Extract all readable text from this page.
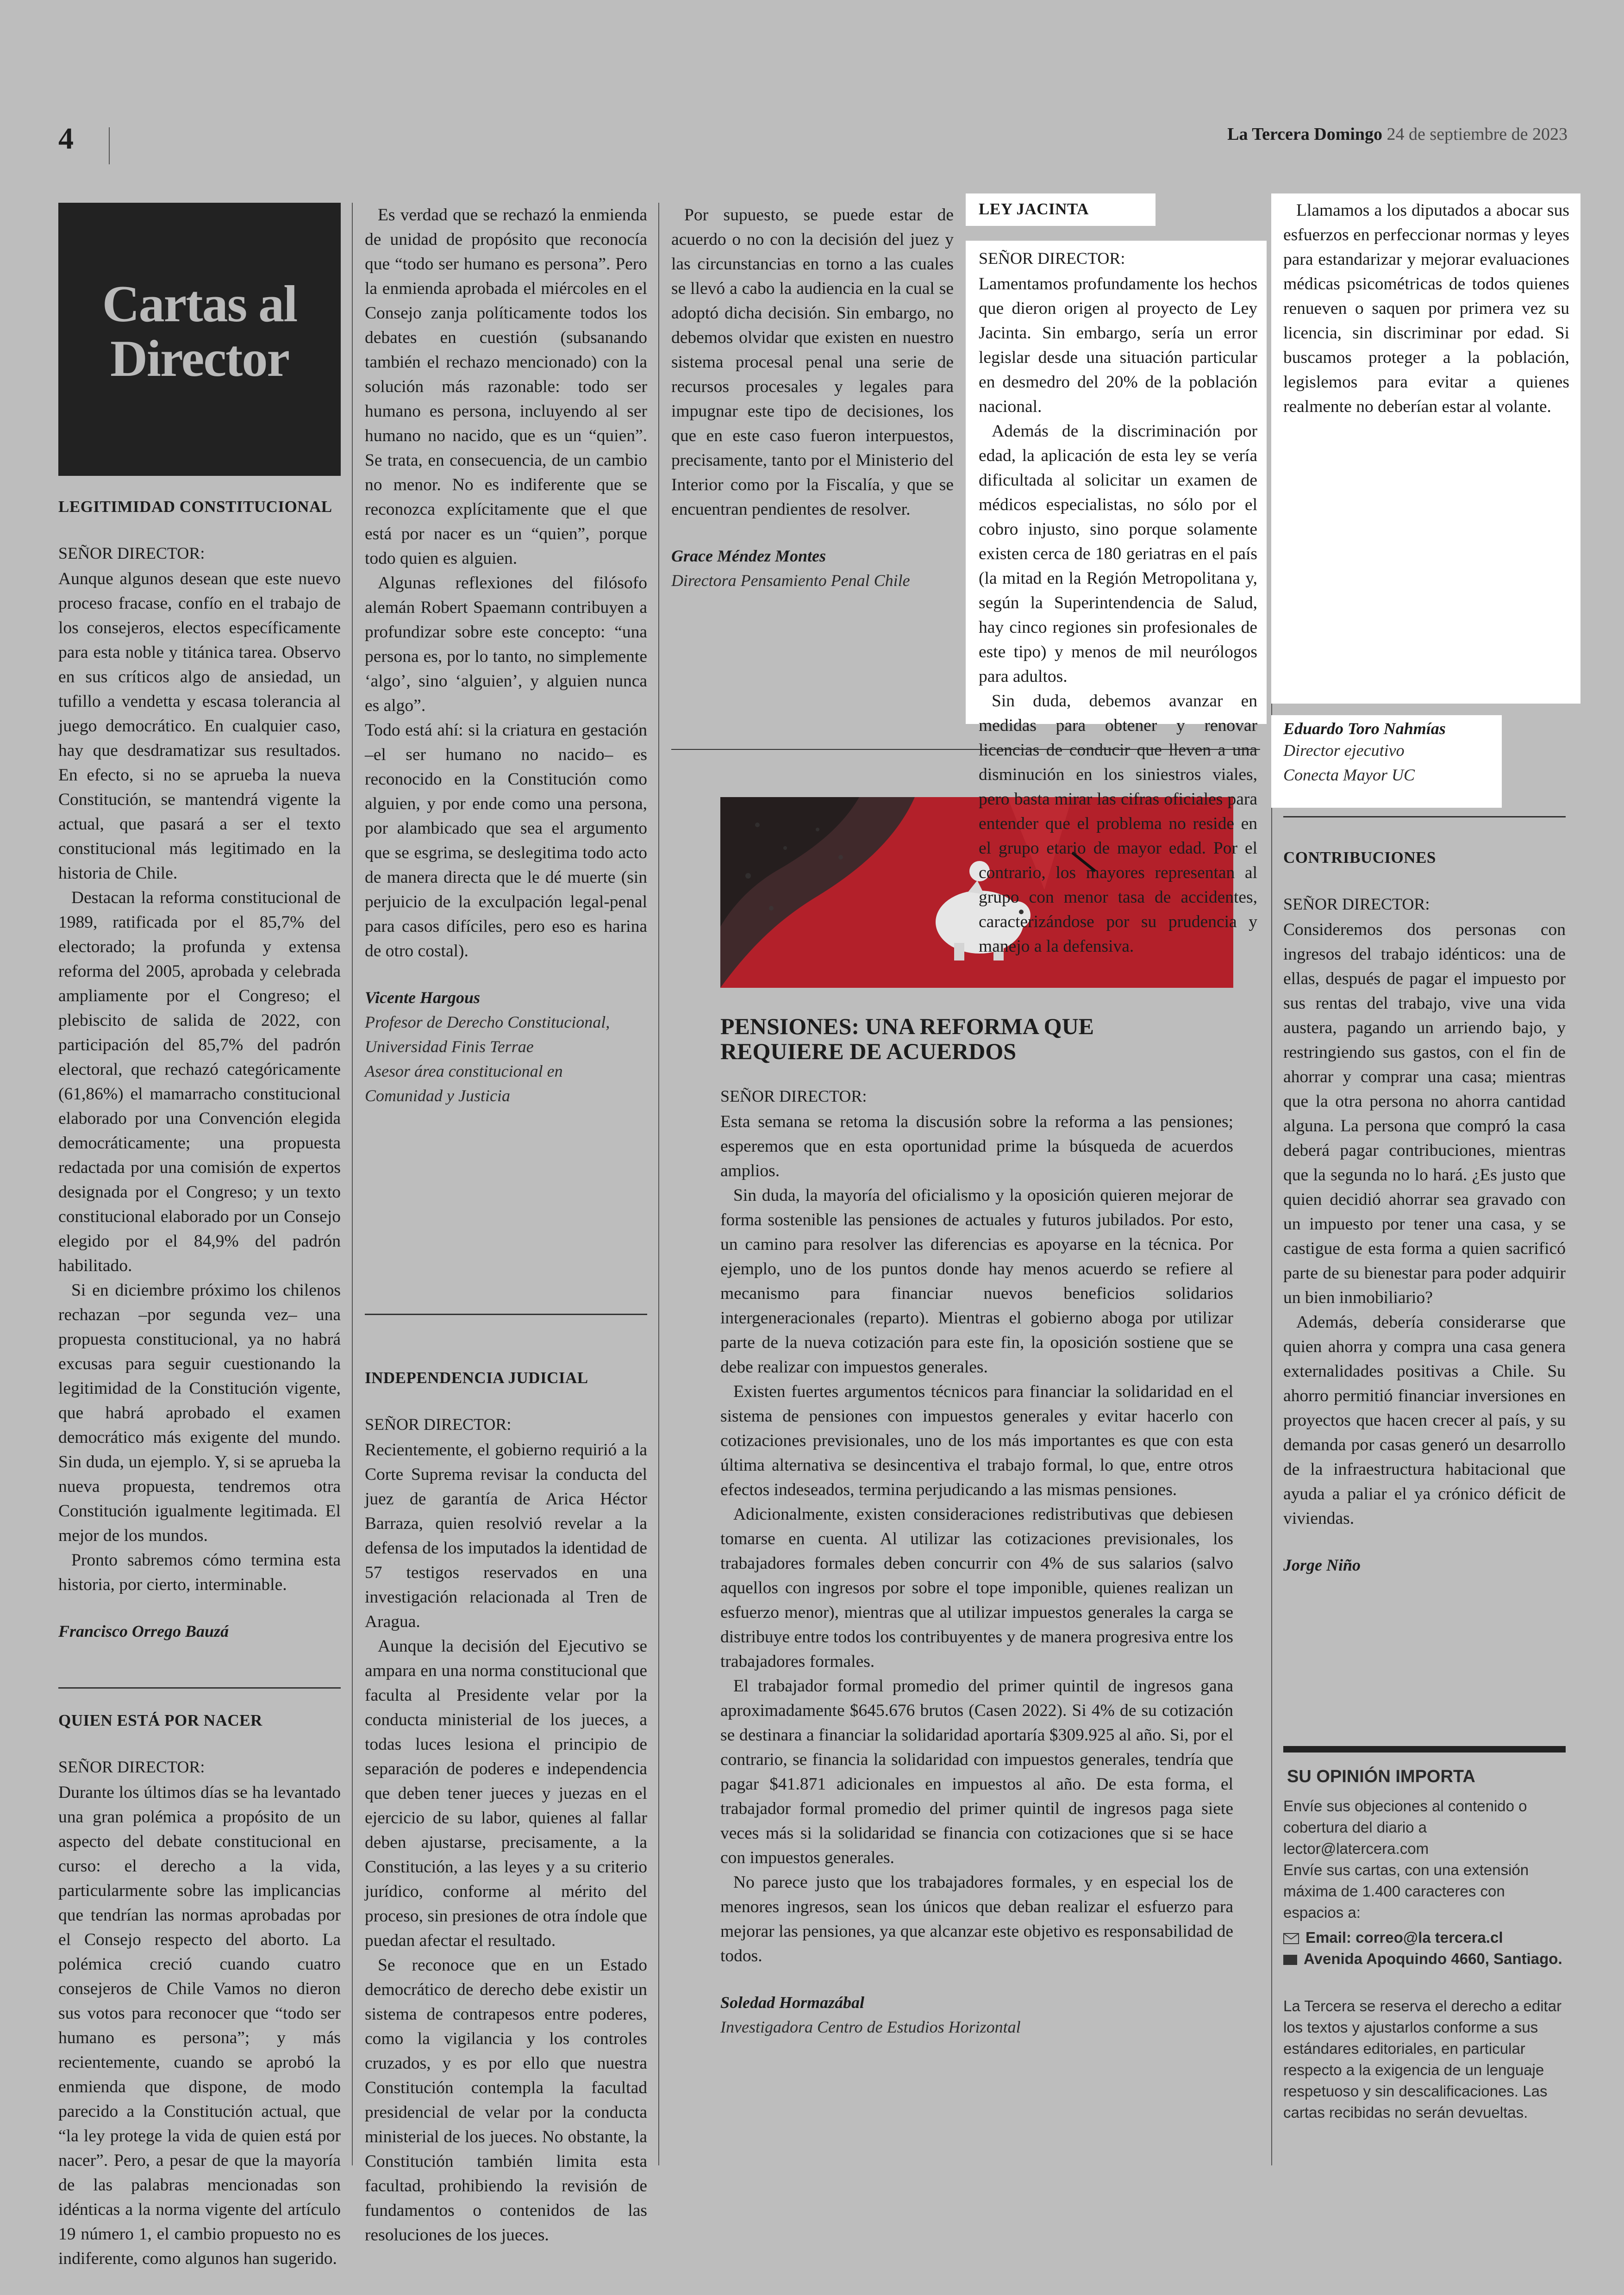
4	La Tercera Domingo 24 de septiembre de 2023
Cartas al
Director
LEGITIMIDAD CONSTITUCIONAL
SEÑOR DIRECTOR:

Aunque algunos desean que este nuevo proceso fracase, confío en el trabajo de los consejeros, electos específicamente para esta noble y titánica tarea. Observo en sus críticos algo de ansiedad, un tufillo a vendetta y escasa tolerancia al juego democrático. En cualquier caso, hay que desdramatizar sus resultados. En efecto, si no se aprueba la nueva Constitución, se mantendrá vigente la actual, que pasará a ser el texto constitucional más legitimado en la historia de Chile.

Destacan la reforma constitucional de 1989, ratificada por el 85,7% del electorado; la profunda y extensa reforma del 2005, aprobada y celebrada ampliamente por el Congreso; el plebiscito de salida de 2022, con participación del 85,7% del padrón electoral, que rechazó categóricamente (61,86%) el mamarracho constitucional elaborado por una Convención elegida democráticamente; una propuesta redactada por una comisión de expertos designada por el Congreso; y un texto constitucional elaborado por un Consejo elegido por el 84,9% del padrón habilitado.

Si en diciembre próximo los chilenos rechazan –por segunda vez– una propuesta constitucional, ya no habrá excusas para seguir cuestionando la legitimidad de la Constitución vigente, que habrá aprobado el examen democrático más exigente del mundo. Sin duda, un ejemplo. Y, si se aprueba la nueva propuesta, tendremos otra Constitución igualmente legitimada. El mejor de los mundos.

Pronto sabremos cómo termina esta historia, por cierto, interminable.

Francisco Orrego Bauzá
QUIEN ESTÁ POR NACER
SEÑOR DIRECTOR:

Durante los últimos días se ha levantado una gran polémica a propósito de un aspecto del debate constitucional en curso: el derecho a la vida, particularmente sobre las implicancias que tendrían las normas aprobadas por el Consejo respecto del aborto. La polémica creció cuando cuatro consejeros de Chile Vamos no dieron sus votos para reconocer que “todo ser humano es persona”; y más recientemente, cuando se aprobó la enmienda que dispone, de modo parecido a la Constitución actual, que “la ley protege la vida de quien está por nacer”. Pero, a pesar de que la mayoría de las palabras mencionadas son idénticas a la norma vigente del artículo 19 número 1, el cambio propuesto no es indiferente, como algunos han sugerido.

Es verdad que se rechazó la enmienda de unidad de propósito que reconocía que “todo ser humano es persona”. Pero la enmienda aprobada el miércoles en el Consejo zanja políticamente todos los debates en cuestión (subsanando también el rechazo mencionado) con la solución más razonable: todo ser humano es persona, incluyendo al ser humano no nacido, que es un “quien”. Se trata, en consecuencia, de un cambio no menor. No es indiferente que se reconozca explícitamente que el que está por nacer es un “quien”, porque todo quien es alguien.

Algunas reflexiones del filósofo alemán Robert Spaemann contribuyen a profundizar sobre este concepto: “una persona es, por lo tanto, no simplemente ‘algo’, sino ‘alguien’, y alguien nunca es algo”.

Todo está ahí: si la criatura en gestación –el ser humano no nacido– es reconocido en la Constitución como alguien, y por ende como una persona, por alambicado que sea el argumento que se esgrima, se deslegitima todo acto de manera directa que le dé muerte (sin perjuicio de la exculpación legal-penal para casos difíciles, pero eso es harina de otro costal).

Vicente Hargous
Profesor de Derecho Constitucional,
Universidad Finis Terrae
Asesor área constitucional en
Comunidad y Justicia
INDEPENDENCIA JUDICIAL
SEÑOR DIRECTOR:

Recientemente, el gobierno requirió a la Corte Suprema revisar la conducta del juez de garantía de Arica Héctor Barraza, quien resolvió revelar a la defensa de los imputados la identidad de 57 testigos reservados en una investigación relacionada al Tren de Aragua.

Aunque la decisión del Ejecutivo se ampara en una norma constitucional que faculta al Presidente velar por la conducta ministerial de los jueces, a todas luces lesiona el principio de separación de poderes e independencia que deben tener jueces y juezas en el ejercicio de su labor, quienes al fallar deben ajustarse, precisamente, a la Constitución, a las leyes y a su criterio jurídico, conforme al mérito del proceso, sin presiones de otra índole que puedan afectar el resultado.

Se reconoce que en un Estado democrático de derecho debe existir un sistema de contrapesos entre poderes, como la vigilancia y los controles cruzados, y es por ello que nuestra Constitución contempla la facultad presidencial de velar por la conducta ministerial de los jueces. No obstante, la Constitución también limita esta facultad, prohibiendo la revisión de fundamentos o contenidos de las resoluciones de los jueces.

Por supuesto, se puede estar de acuerdo o no con la decisión del juez y las circunstancias en torno a las cuales se llevó a cabo la audiencia en la cual se adoptó dicha decisión. Sin embargo, no debemos olvidar que existen en nuestro sistema procesal penal una serie de recursos procesales y legales para impugnar este tipo de decisiones, los que en este caso fueron interpuestos, precisamente, tanto por el Ministerio del Interior como por la Fiscalía, y que se encuentran pendientes de resolver.

Grace Méndez Montes
Directora Pensamiento Penal Chile
PENSIONES: UNA REFORMA QUE
REQUIERE DE ACUERDOS
SEÑOR DIRECTOR:

Esta semana se retoma la discusión sobre la reforma a las pensiones; esperemos que en esta oportunidad prime la búsqueda de acuerdos amplios.

Sin duda, la mayoría del oficialismo y la oposición quieren mejorar de forma sostenible las pensiones de actuales y futuros jubilados. Por esto, un camino para resolver las diferencias es apoyarse en la técnica. Por ejemplo, uno de los puntos donde hay menos acuerdo se refiere al mecanismo para financiar nuevos beneficios solidarios intergeneracionales (reparto). Mientras el gobierno aboga por utilizar parte de la nueva cotización para este fin, la oposición sostiene que se debe realizar con impuestos generales.

Existen fuertes argumentos técnicos para financiar la solidaridad en el sistema de pensiones con impuestos generales y evitar hacerlo con cotizaciones previsionales, uno de los más importantes es que con esta última alternativa se desincentiva el trabajo formal, lo que, entre otros efectos indeseados, termina perjudicando a las mismas pensiones.

Adicionalmente, existen consideraciones redistributivas que debiesen tomarse en cuenta. Al utilizar las cotizaciones previsionales, los trabajadores formales deben concurrir con 4% de sus salarios (salvo aquellos con ingresos por sobre el tope imponible, quienes realizan un esfuerzo menor), mientras que al utilizar impuestos generales la carga se distribuye entre todos los contribuyentes y de manera progresiva entre los trabajadores formales.

El trabajador formal promedio del primer quintil de ingresos gana aproximadamente $645.676 brutos (Casen 2022). Si 4% de su cotización se destinara a financiar la solidaridad aportaría $309.925 al año. Si, por el contrario, se financia la solidaridad con impuestos generales, tendría que pagar $41.871 adicionales en impuestos al año. De esta forma, el trabajador formal promedio del primer quintil de ingresos paga siete veces más si la solidaridad se financia con cotizaciones que si se hace con impuestos generales.

No parece justo que los trabajadores formales, y en especial los de menores ingresos, sean los únicos que deban realizar el esfuerzo para mejorar las pensiones, ya que alcanzar este objetivo es responsabilidad de todos.

Soledad Hormazábal
Investigadora Centro de Estudios Horizontal
LEY JACINTA
SEÑOR DIRECTOR:

Lamentamos profundamente los hechos que dieron origen al proyecto de Ley Jacinta. Sin embargo, sería un error legislar desde una situación particular en desmedro del 20% de la población nacional.

Además de la discriminación por edad, la aplicación de esta ley se vería dificultada al solicitar un examen de médicos especialistas, no sólo por el cobro injusto, sino porque solamente existen cerca de 180 geriatras en el país (la mitad en la Región Metropolitana y, según la Superintendencia de Salud, hay cinco regiones sin profesionales de este tipo) y menos de mil neurólogos para adultos.

Sin duda, debemos avanzar en medidas para obtener y renovar licencias de conducir que lleven a una disminución en los siniestros viales, pero basta mirar las cifras oficiales para entender que el problema no reside en el grupo etario de mayor edad. Por el contrario, los mayores representan al grupo con menor tasa de accidentes, caracterizándose por su prudencia y manejo a la defensiva.

Llamamos a los diputados a abocar sus esfuerzos en perfeccionar normas y leyes para estandarizar y mejorar evaluaciones médicas psicométricas de todos quienes renueven o saquen por primera vez su licencia, sin discriminar por edad. Si buscamos proteger a la población, legislemos para evitar a quienes realmente no deberían estar al volante.

Eduardo Toro Nahmías
Director ejecutivo
Conecta Mayor UC
CONTRIBUCIONES
SEÑOR DIRECTOR:

Consideremos dos personas con ingresos del trabajo idénticos: una de ellas, después de pagar el impuesto por sus rentas del trabajo, vive una vida austera, pagando un arriendo bajo, y restringiendo sus gastos, con el fin de ahorrar y comprar una casa; mientras que la otra persona no ahorra cantidad alguna. La persona que compró la casa deberá pagar contribuciones, mientras que la segunda no lo hará. ¿Es justo que quien decidió ahorrar sea gravado con un impuesto por tener una casa, y se castigue de esta forma a quien sacrificó parte de su bienestar para poder adquirir un bien inmobiliario?

Además, debería considerarse que quien ahorra y compra una casa genera externalidades positivas a Chile. Su ahorro permitió financiar inversiones en proyectos que hacen crecer al país, y su demanda por casas generó un desarrollo de la infraestructura habitacional que ayuda a paliar el ya crónico déficit de viviendas.

Jorge Niño
SU OPINIÓN IMPORTA
Envíe sus objeciones al contenido o cobertura del diario a
lector@latercera.com
Envíe sus cartas, con una extensión máxima de 1.400 caracteres con espacios a:
Email: correo@la tercera.cl
Avenida Apoquindo 4660, Santiago.
La Tercera se reserva el derecho a editar los textos y ajustarlos conforme a sus estándares editoriales, en particular respecto a la exigencia de un lenguaje respetuoso y sin descalificaciones. Las cartas recibidas no serán devueltas.
